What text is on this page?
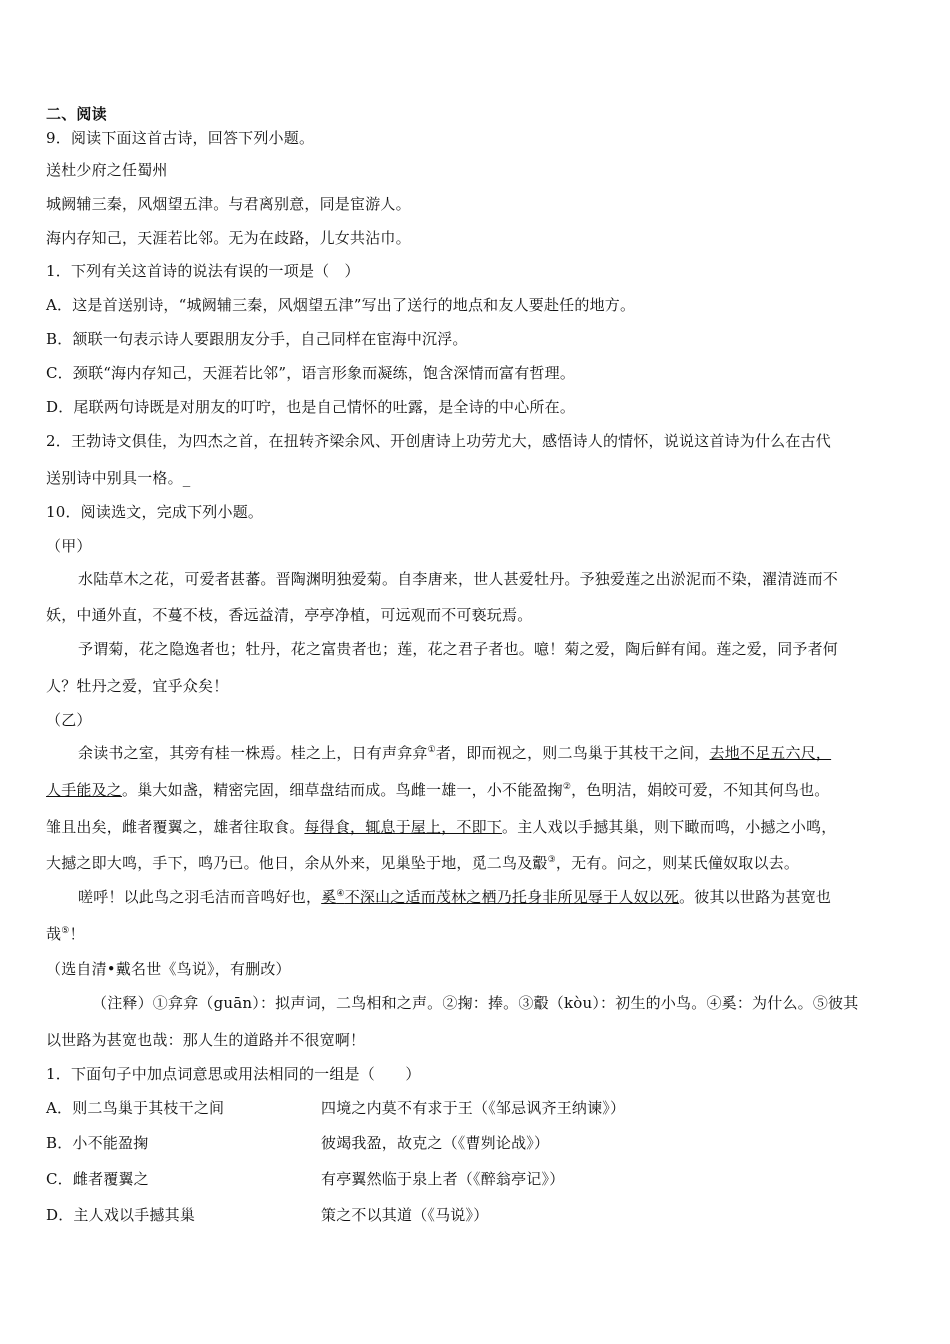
二、阅读
9．阅读下面这首古诗，回答下列小题。
送杜少府之任蜀州
城阙辅三秦，风烟望五津。与君离别意，同是宦游人。
海内存知己，天涯若比邻。无为在歧路，儿女共沾巾。
1．下列有关这首诗的说法有误的一项是（　）
A．这是首送别诗，“城阙辅三秦，风烟望五津”写出了送行的地点和友人要赴任的地方。
B．颔联一句表示诗人要跟朋友分手，自己同样在宦海中沉浮。
C．颈联“海内存知己，天涯若比邻”，语言形象而凝练，饱含深情而富有哲理。
D．尾联两句诗既是对朋友的叮咛，也是自己情怀的吐露，是全诗的中心所在。
2．王勃诗文俱佳，为四杰之首，在扭转齐梁余风、开创唐诗上功劳尤大，感悟诗人的情怀，说说这首诗为什么在古代
送别诗中别具一格。_
10．阅读选文，完成下列小题。
（甲）
水陆草木之花，可爱者甚蕃。晋陶渊明独爱菊。自李唐来，世人甚爱牡丹。予独爱莲之出淤泥而不染，濯清涟而不
妖，中通外直，不蔓不枝，香远益清，亭亭净植，可远观而不可亵玩焉。
予谓菊，花之隐逸者也；牡丹，花之富贵者也；莲，花之君子者也。噫！菊之爱，陶后鲜有闻。莲之爱，同予者何
人？牡丹之爱，宜乎众矣！
（乙）
余读书之室，其旁有桂一株焉。桂之上，日有声弇弇①者，即而视之，则二鸟巢于其枝干之间，去地不足五六尺，
人手能及之。巢大如盏，精密完固，细草盘结而成。鸟雌一雄一，小不能盈掬②，色明洁，娟皎可爱，不知其何鸟也。
雏且出矣，雌者覆翼之，雄者往取食。每得食，辄息于屋上，不即下。主人戏以手撼其巢，则下瞰而鸣，小撼之小鸣，
大撼之即大鸣，手下，鸣乃已。他日，余从外来，见巢坠于地，觅二鸟及鷇③，无有。问之，则某氏僮奴取以去。
嗟呼！以此鸟之羽毛洁而音鸣好也，奚④不深山之适而茂林之栖乃托身非所见辱于人奴以死。彼其以世路为甚宽也
哉⑤！
（选自清•戴名世《鸟说》，有删改）
（注释）①弇弇（guān）：拟声词，二鸟相和之声。②掬：捧。③鷇（kòu）：初生的小鸟。④奚：为什么。⑤彼其
以世路为甚宽也哉：那人生的道路并不很宽啊！
1．下面句子中加点词意思或用法相同的一组是（　　）
A．则二鸟巢于其枝干之间	四境之内莫不有求于王（《邹忌讽齐王纳谏》）
B．小不能盈掬	彼竭我盈，故克之（《曹刿论战》）
C．雌者覆翼之	有亭翼然临于泉上者（《醉翁亭记》）
D．主人戏以手撼其巢	策之不以其道（《马说》）
